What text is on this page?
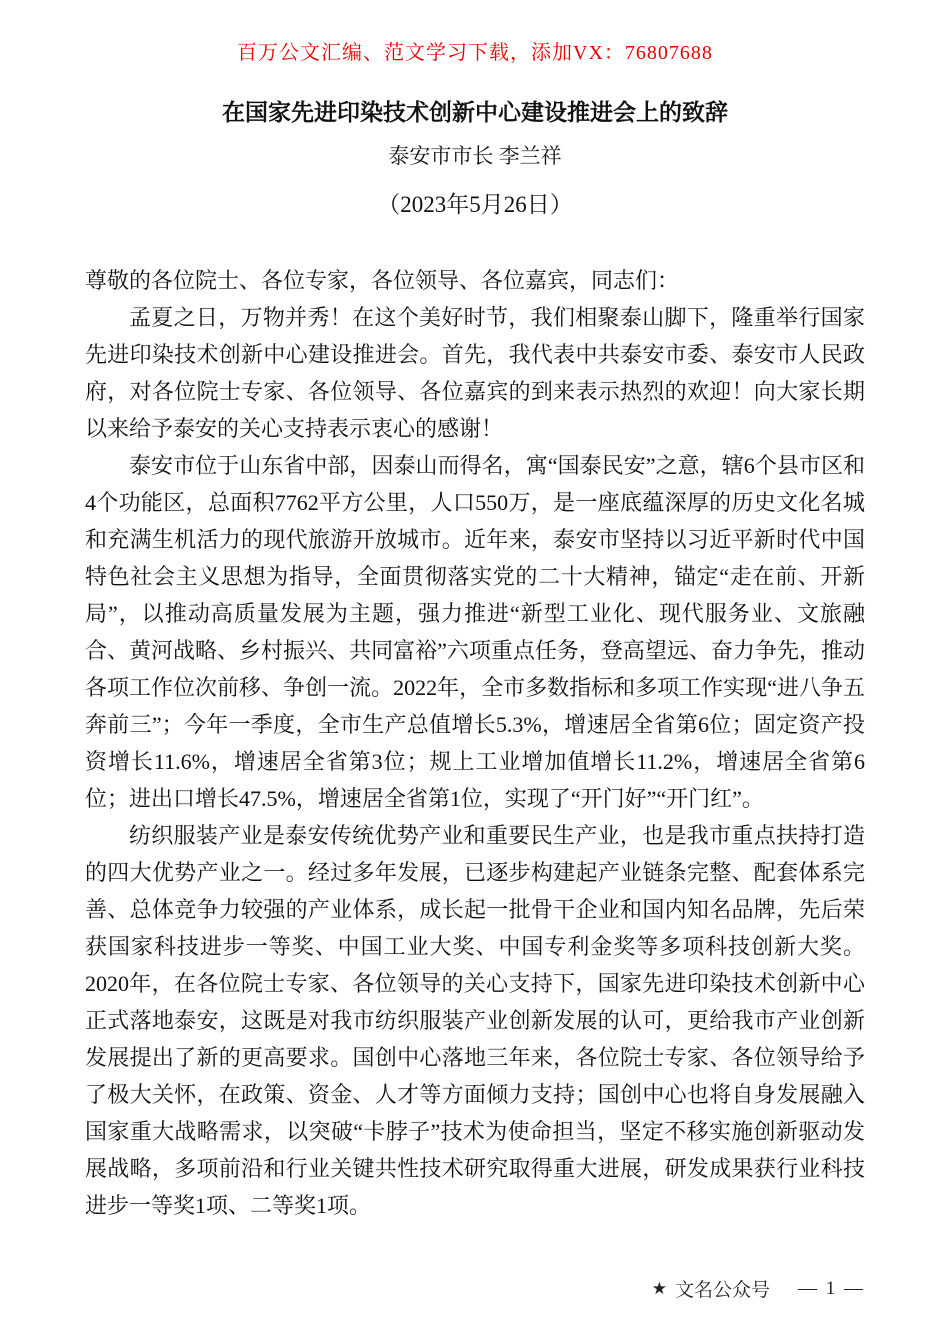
百万公文汇编、范文学习下载，添加VX：76807688
在国家先进印染技术创新中心建设推进会上的致辞
泰安市市长 李兰祥
（2023年5月26日）

尊敬的各位院士、各位专家，各位领导、各位嘉宾，同志们：

孟夏之日，万物并秀！在这个美好时节，我们相聚泰山脚下，隆重举行国家先进印染技术创新中心建设推进会。首先，我代表中共泰安市委、泰安市人民政府，对各位院士专家、各位领导、各位嘉宾的到来表示热烈的欢迎！向大家长期以来给予泰安的关心支持表示衷心的感谢！

泰安市位于山东省中部，因泰山而得名，寓“国泰民安”之意，辖6个县市区和4个功能区，总面积7762平方公里，人口550万，是一座底蕴深厚的历史文化名城和充满生机活力的现代旅游开放城市。近年来，泰安市坚持以习近平新时代中国特色社会主义思想为指导，全面贯彻落实党的二十大精神，锚定“走在前、开新局”，以推动高质量发展为主题，强力推进“新型工业化、现代服务业、文旅融合、黄河战略、乡村振兴、共同富裕”六项重点任务，登高望远、奋力争先，推动各项工作位次前移、争创一流。2022年，全市多数指标和多项工作实现“进八争五奔前三”；今年一季度，全市生产总值增长5.3%，增速居全省第6位；固定资产投资增长11.6%，增速居全省第3位；规上工业增加值增长11.2%，增速居全省第6位；进出口增长47.5%，增速居全省第1位，实现了“开门好”“开门红”。

纺织服装产业是泰安传统优势产业和重要民生产业，也是我市重点扶持打造的四大优势产业之一。经过多年发展，已逐步构建起产业链条完整、配套体系完善、总体竞争力较强的产业体系，成长起一批骨干企业和国内知名品牌，先后荣获国家科技进步一等奖、中国工业大奖、中国专利金奖等多项科技创新大奖。2020年，在各位院士专家、各位领导的关心支持下，国家先进印染技术创新中心正式落地泰安，这既是对我市纺织服装产业创新发展的认可，更给我市产业创新发展提出了新的更高要求。国创中心落地三年来，各位院士专家、各位领导给予了极大关怀，在政策、资金、人才等方面倾力支持；国创中心也将自身发展融入国家重大战略需求，以突破“卡脖子”技术为使命担当，坚定不移实施创新驱动发展战略，多项前沿和行业关键共性技术研究取得重大进展，研发成果获行业科技进步一等奖1项、二等奖1项。

★ 文名公众号 — 1 —
